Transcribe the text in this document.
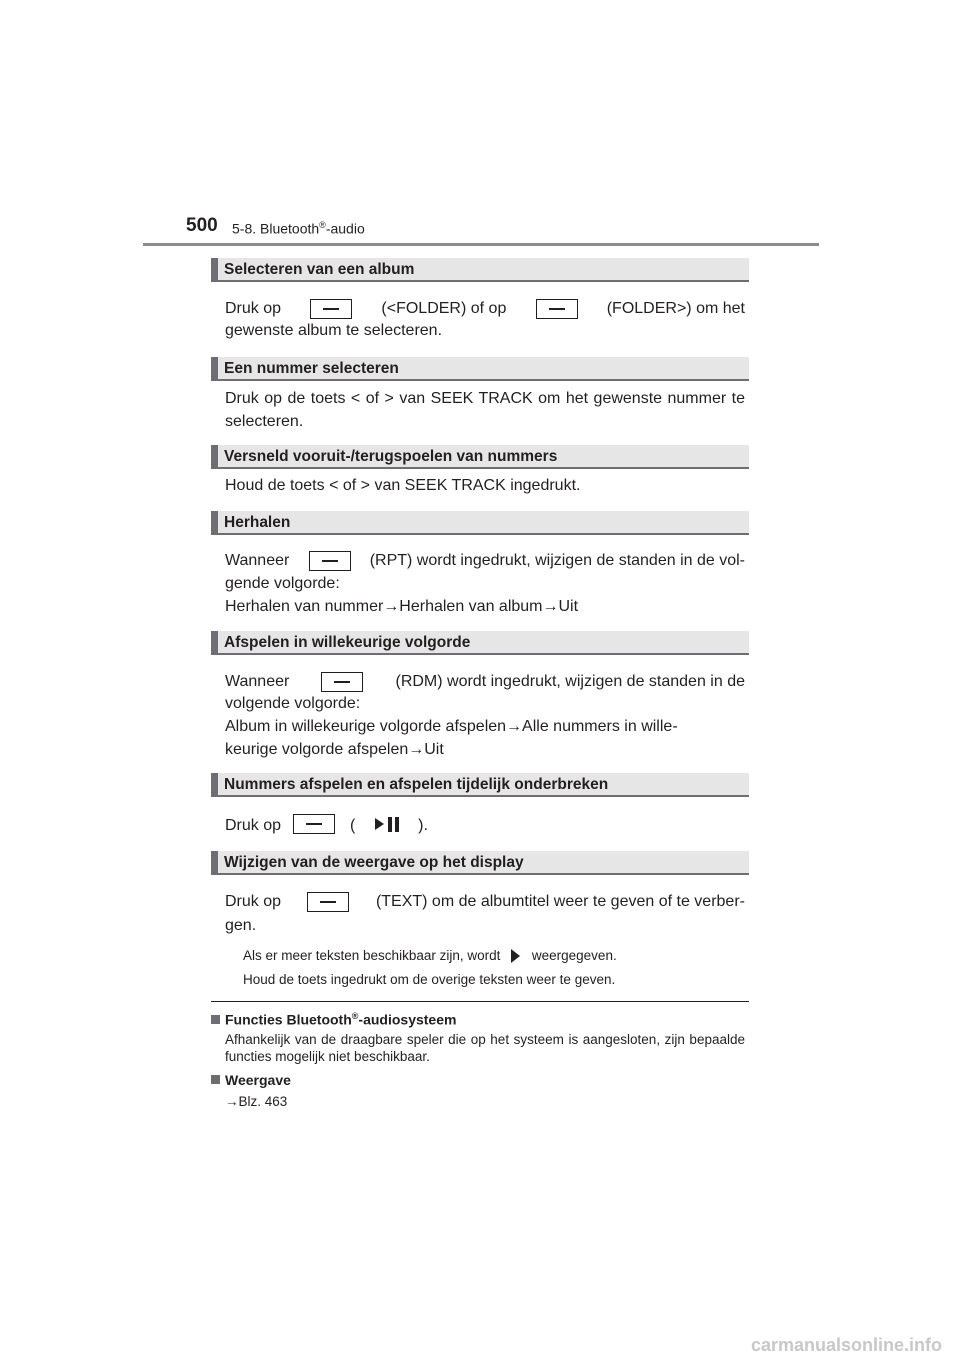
500 5-8. Bluetooth®-audio
Selecteren van een album
Druk op	(<FOLDER) of op	(FOLDER>) om het
gewenste album te selecteren.
Een nummer selecteren
Druk op de toets < of > van SEEK TRACK om het gewenste nummer te selecteren.
Versneld vooruit-/terugspoelen van nummers
Houd de toets < of > van SEEK TRACK ingedrukt.
Herhalen
Wanneer	(RPT) wordt ingedrukt, wijzigen de standen in de vol-
gende volgorde:
Herhalen van nummer→Herhalen van album→Uit
Afspelen in willekeurige volgorde
Wanneer	(RDM) wordt ingedrukt, wijzigen de standen in de
volgende volgorde:
Album in willekeurige volgorde afspelen→Alle nummers in wille-
keurige volgorde afspelen→Uit
Nummers afspelen en afspelen tijdelijk onderbreken
Druk op	(	).
Wijzigen van de weergave op het display
Druk op	(TEXT) om de albumtitel weer te geven of te verber-
gen.
Als er meer teksten beschikbaar zijn, wordt weergegeven.
Houd de toets ingedrukt om de overige teksten weer te geven.
Functies Bluetooth®-audiosysteem
Afhankelijk van de draagbare speler die op het systeem is aangesloten, zijn bepaalde functies mogelijk niet beschikbaar.
Weergave
→Blz. 463
carmanualsonline.info
